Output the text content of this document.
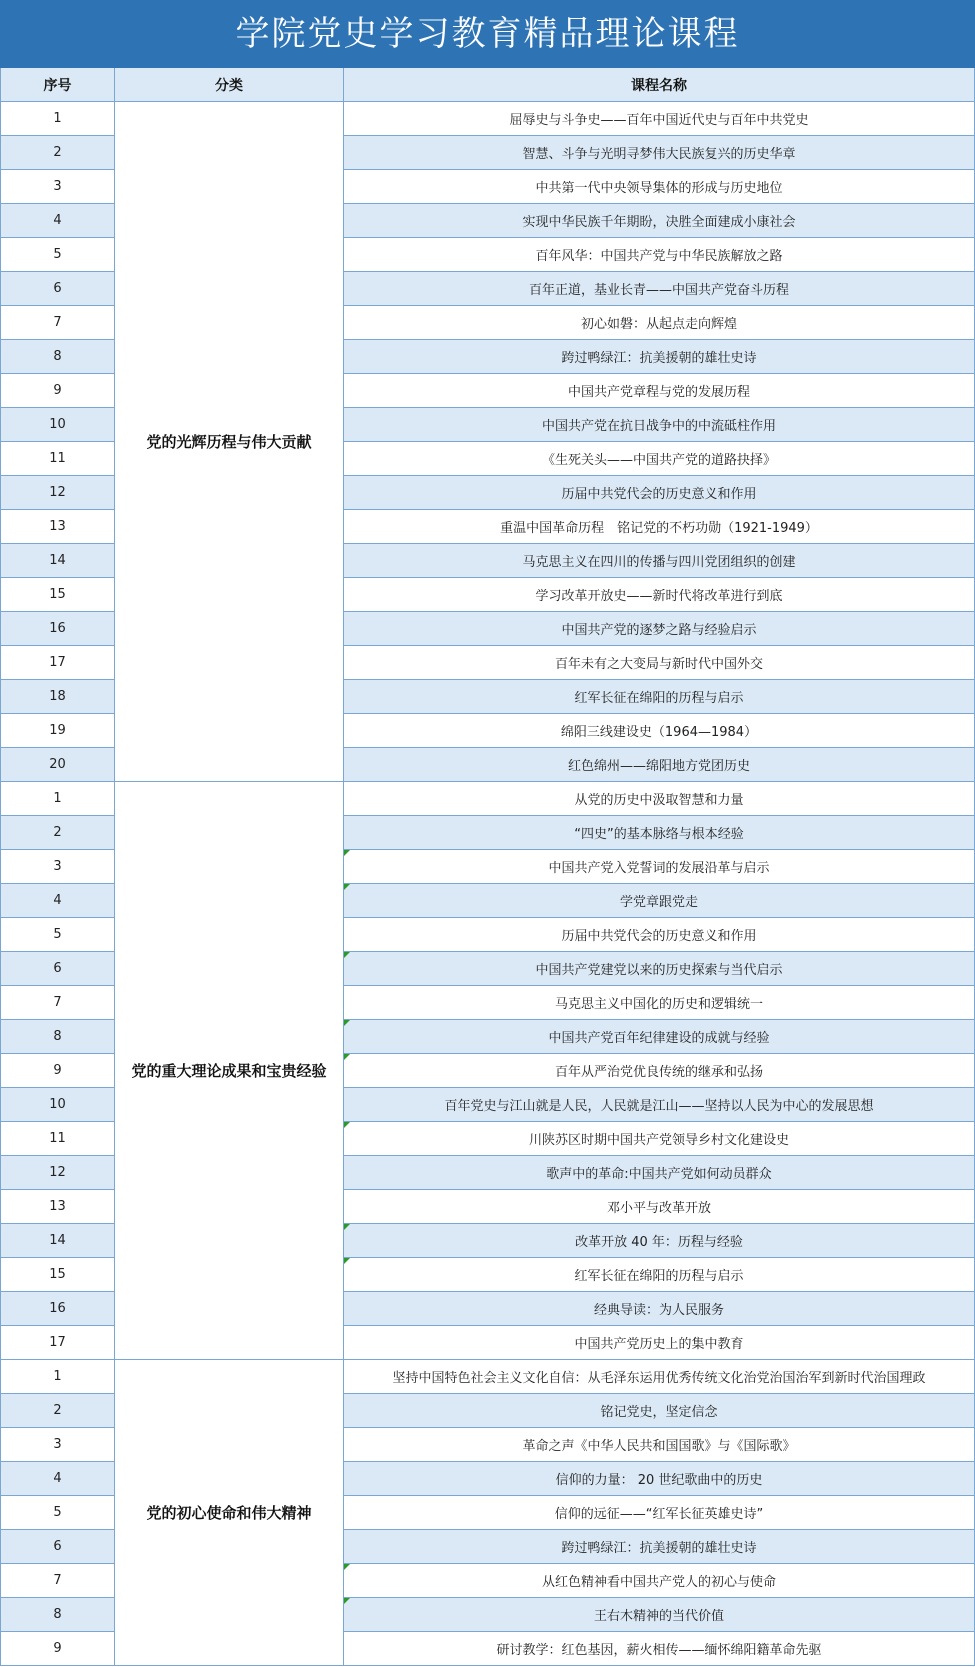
学院党史学习教育精品理论课程
序号	分类	课程名称
党的光辉历程与伟大贡献
1	屈辱史与斗争史——百年中国近代史与百年中共党史
2	智慧、斗争与光明寻梦伟大民族复兴的历史华章
3	中共第一代中央领导集体的形成与历史地位
4	实现中华民族千年期盼，决胜全面建成小康社会
5	百年风华：中国共产党与中华民族解放之路
6	百年正道，基业长青——中国共产党奋斗历程
7	初心如磐：从起点走向辉煌
8	跨过鸭绿江：抗美援朝的雄壮史诗
9	中国共产党章程与党的发展历程
10	中国共产党在抗日战争中的中流砥柱作用
11	《生死关头——中国共产党的道路抉择》
12	历届中共党代会的历史意义和作用
13	重温中国革命历程　铭记党的不朽功勋（1921-1949）
14	马克思主义在四川的传播与四川党团组织的创建
15	学习改革开放史——新时代将改革进行到底
16	中国共产党的逐梦之路与经验启示
17	百年未有之大变局与新时代中国外交
18	红军长征在绵阳的历程与启示
19	绵阳三线建设史（1964—1984）
20	红色绵州——绵阳地方党团历史
党的重大理论成果和宝贵经验
1	从党的历史中汲取智慧和力量
2	“四史”的基本脉络与根本经验
3	中国共产党入党誓词的发展沿革与启示
4	学党章跟党走
5	历届中共党代会的历史意义和作用
6	中国共产党建党以来的历史探索与当代启示
7	马克思主义中国化的历史和逻辑统一
8	中国共产党百年纪律建设的成就与经验
9	百年从严治党优良传统的继承和弘扬
10	百年党史与江山就是人民，人民就是江山——坚持以人民为中心的发展思想
11	川陕苏区时期中国共产党领导乡村文化建设史
12	歌声中的革命:中国共产党如何动员群众
13	邓小平与改革开放
14	改革开放 40 年：历程与经验
15	红军长征在绵阳的历程与启示
16	经典导读：为人民服务
17	中国共产党历史上的集中教育
党的初心使命和伟大精神
1	坚持中国特色社会主义文化自信：从毛泽东运用优秀传统文化治党治国治军到新时代治国理政
2	铭记党史，坚定信念
3	革命之声《中华人民共和国国歌》与《国际歌》
4	信仰的力量： 20 世纪歌曲中的历史
5	信仰的远征——“红军长征英雄史诗”
6	跨过鸭绿江：抗美援朝的雄壮史诗
7	从红色精神看中国共产党人的初心与使命
8	王右木精神的当代价值
9	研讨教学：红色基因，薪火相传——缅怀绵阳籍革命先驱
